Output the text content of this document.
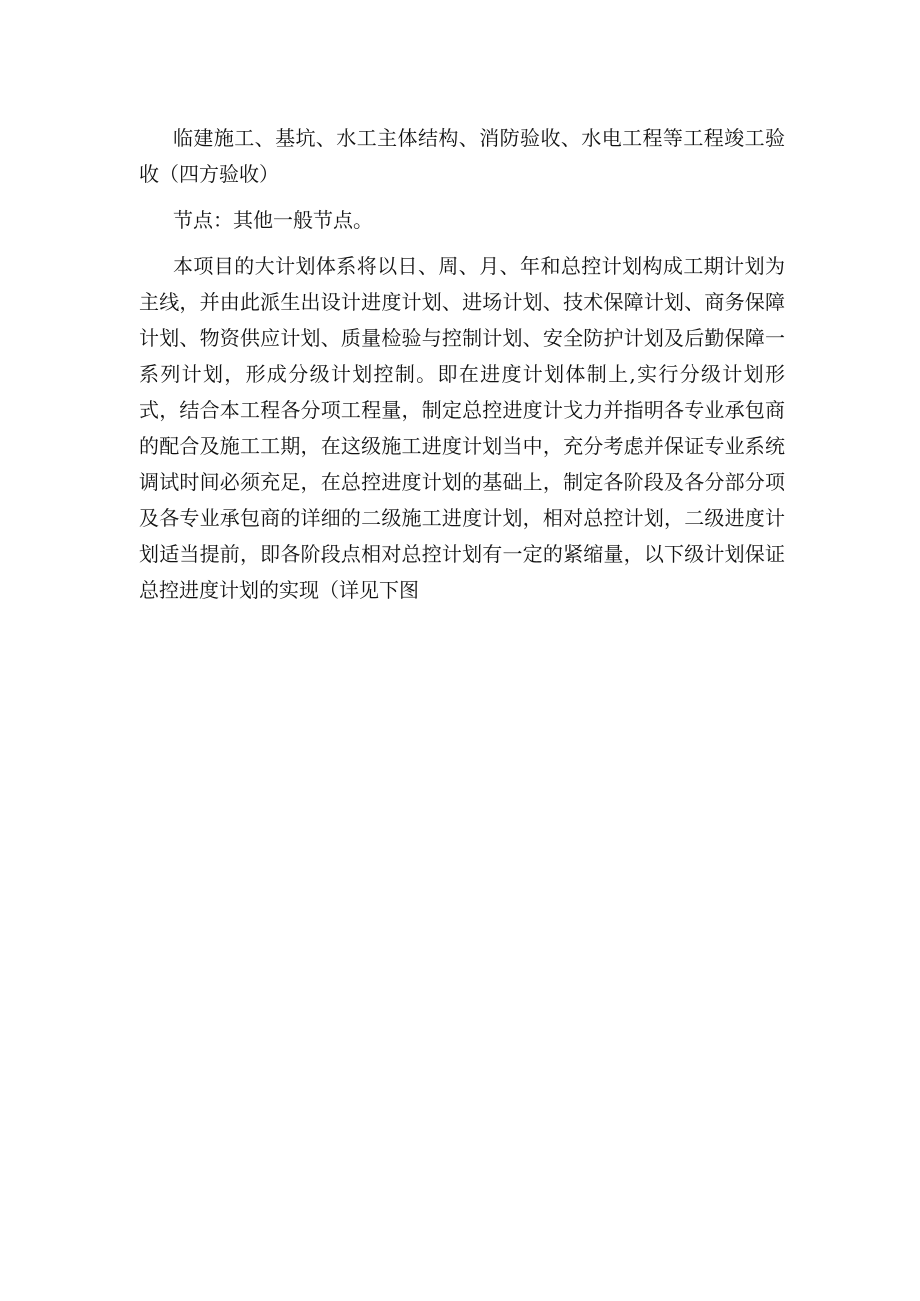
临建施工、基坑、水工主体结构、消防验收、水电工程等工程竣工验收（四方验收）

节点：其他一般节点。

本项目的大计划体系将以日、周、月、年和总控计划构成工期计划为主线，并由此派生出设计进度计划、进场计划、技术保障计划、商务保障计划、物资供应计划、质量检验与控制计划、安全防护计划及后勤保障一系列计划，形成分级计划控制。即在进度计划体制上,实行分级计划形式，结合本工程各分项工程量，制定总控进度计戈力并指明各专业承包商的配合及施工工期，在这级施工进度计划当中，充分考虑并保证专业系统调试时间必须充足，在总控进度计划的基础上，制定各阶段及各分部分项及各专业承包商的详细的二级施工进度计划，相对总控计划，二级进度计划适当提前，即各阶段点相对总控计划有一定的紧缩量，以下级计划保证总控进度计划的实现（详见下图
